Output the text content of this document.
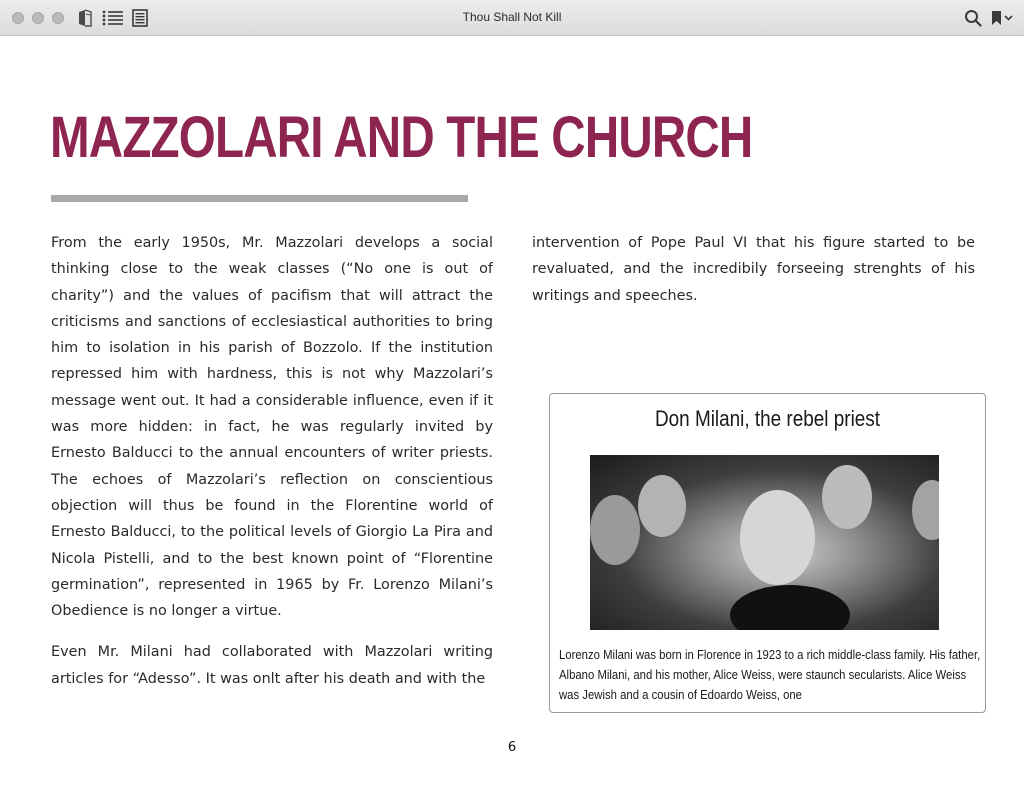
Thou Shall Not Kill
MAZZOLARI AND THE CHURCH

From the early 1950s, Mr. Mazzolari develops a social thinking close to the weak classes (“No one is out of charity”) and the values of pacifism that will attract the criticisms and sanctions of ecclesiastical authorities to bring him to isolation in his parish of Bozzolo. If the institution repressed him with hardness, this is not why Mazzolari’s message went out. It had a considerable influence, even if it was more hidden: in fact, he was regularly invited by Ernesto Balducci to the annual encounters of writer priests. The echoes of Mazzolari’s reflection on conscientious objection will thus be found in the Florentine world of Ernesto Balducci, to the political levels of Giorgio La Pira and Nicola Pistelli, and to the best known point of “Florentine germination”, represented in 1965 by Fr. Lorenzo Milani’s Obedience is no longer a virtue.

Even Mr. Milani had collaborated with Mazzolari writing articles for “Adesso”. It was onlt after his death and with the

intervention of Pope Paul VI that his figure started to be revaluated, and the incredibily forseeing strenghts of his writings and speeches.

Don Milani, the rebel priest
Lorenzo Milani was born in Florence in 1923 to a rich middle-class family. His father, Albano Milani, and his mother, Alice Weiss, were staunch secularists. Alice Weiss was Jewish and a cousin of Edoardo Weiss, one
6
